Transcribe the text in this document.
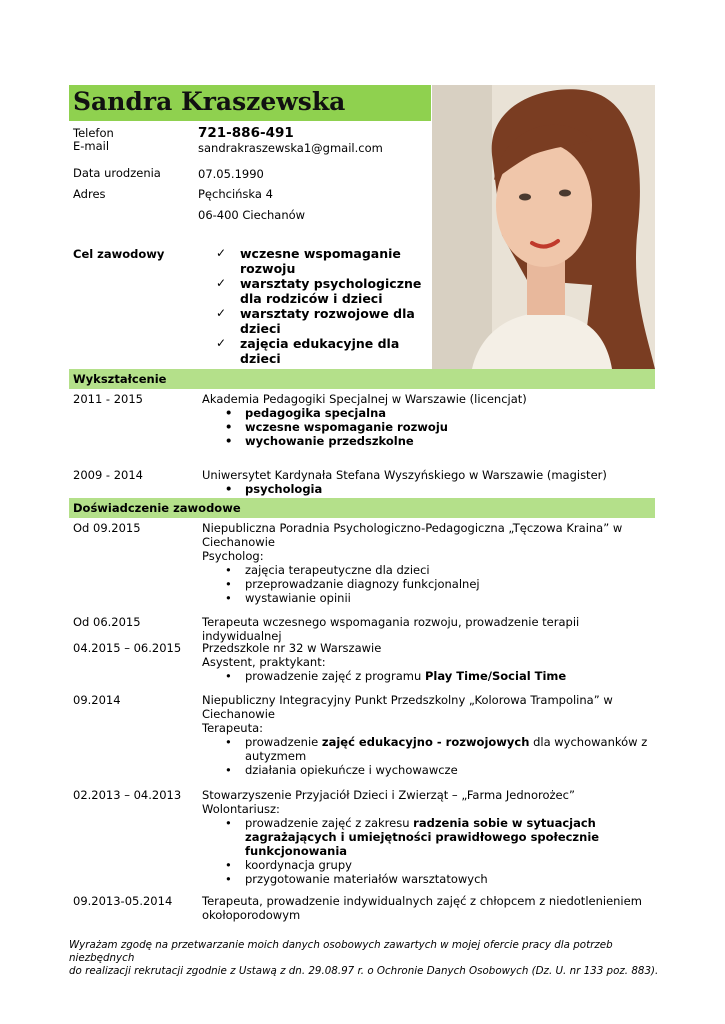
Sandra Kraszewska
Telefon	721-886-491
E-mail	sandrakraszewska1@gmail.com
Data urodzenia	07.05.1990
Adres	Pęchcińska 4
06-400 Ciechanów
Cel zawodowy	✓ wczesne wspomaganie
rozwoju
✓ warsztaty psychologiczne
dla rodziców i dzieci
✓ warsztaty rozwojowe dla
dzieci
✓ zajęcia edukacyjne dla
dzieci
Wykształcenie
2011 - 2015	Akademia Pedagogiki Specjalnej w Warszawie (licencjat)
• pedagogika specjalna
• wczesne wspomaganie rozwoju
• wychowanie przedszkolne
2009 - 2014	Uniwersytet Kardynała Stefana Wyszyńskiego w Warszawie (magister)
• psychologia
Doświadczenie zawodowe
Od 09.2015	Niepubliczna Poradnia Psychologiczno-Pedagogiczna „Tęczowa Kraina” w
Ciechanowie
Psycholog:
• zajęcia terapeutyczne dla dzieci
• przeprowadzanie diagnozy funkcjonalnej
• wystawianie opinii
Od 06.2015	Terapeuta wczesnego wspomagania rozwoju, prowadzenie terapii indywidualnej
04.2015 – 06.2015 Przedszkole nr 32 w Warszawie
Asystent, praktykant:
• prowadzenie zajęć z programu Play Time/Social Time
09.2014	Niepubliczny Integracyjny Punkt Przedszkolny „Kolorowa Trampolina” w
Ciechanowie
Terapeuta:
• prowadzenie zajęć edukacyjno - rozwojowych dla wychowanków z
autyzmem
• działania opiekuńcze i wychowawcze
02.2013 – 04.2013 Stowarzyszenie Przyjaciół Dzieci i Zwierząt – „Farma Jednorożec”
Wolontariusz:
• prowadzenie zajęć z zakresu radzenia sobie w sytuacjach
zagrażających i umiejętności prawidłowego społecznie
funkcjonowania
• koordynacja grupy
• przygotowanie materiałów warsztatowych
09.2013-05.2014	Terapeuta, prowadzenie indywidualnych zajęć z chłopcem z niedotlenieniem
okołoporodowym
Wyrażam zgodę na przetwarzanie moich danych osobowych zawartych w mojej ofercie pracy dla potrzeb niezbędnych
do realizacji rekrutacji zgodnie z Ustawą z dn. 29.08.97 r. o Ochronie Danych Osobowych (Dz. U. nr 133 poz. 883).
